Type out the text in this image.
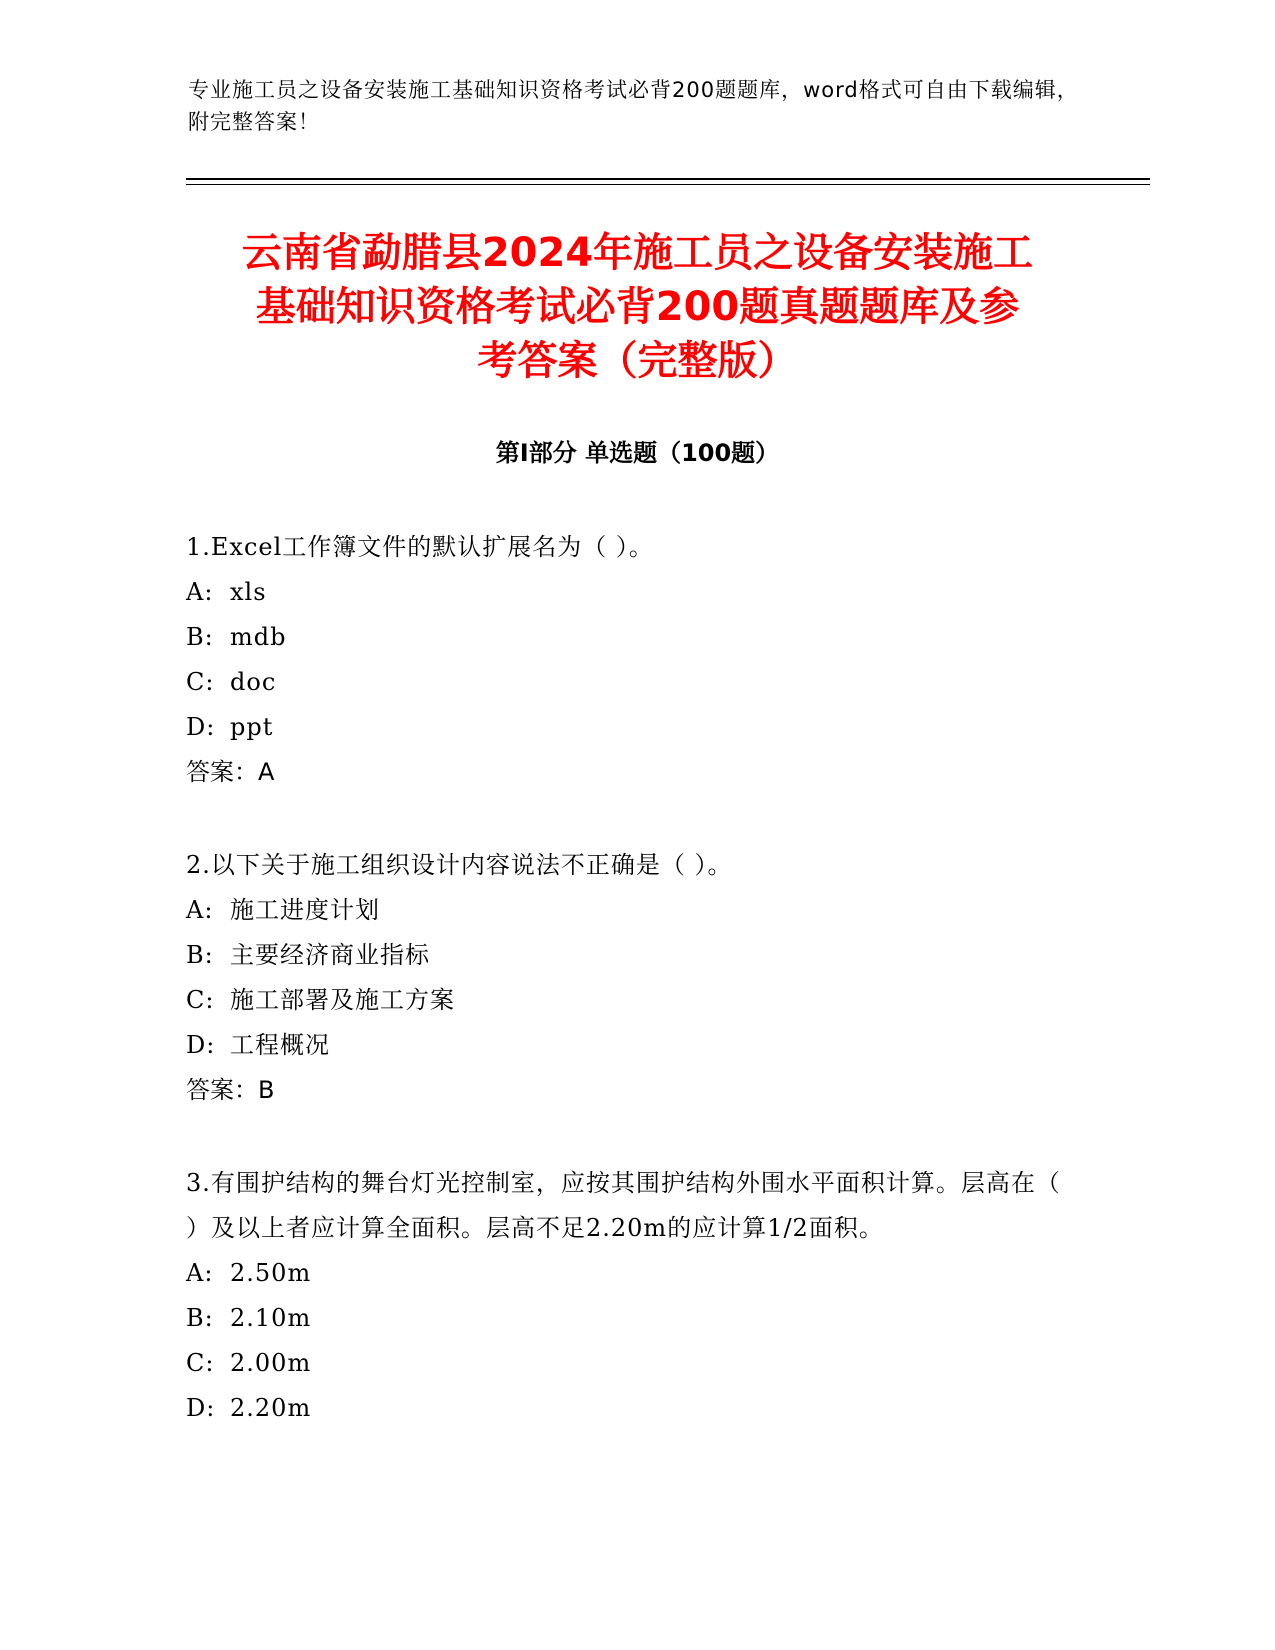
专业施工员之设备安装施工基础知识资格考试必背200题题库，word格式可自由下载编辑，附完整答案！
云南省勐腊县2024年施工员之设备安装施工
基础知识资格考试必背200题真题题库及参
考答案（完整版）
第Ⅰ部分 单选题（100题）
1.Excel工作簿文件的默认扩展名为（ ）。
A: xls
B: mdb
C: doc
D: ppt
答案：A
2.以下关于施工组织设计内容说法不正确是（ ）。
A: 施工进度计划
B: 主要经济商业指标
C: 施工部署及施工方案
D: 工程概况
答案：B
3.有围护结构的舞台灯光控制室，应按其围护结构外围水平面积计算。层高在（ ）及以上者应计算全面积。层高不足2.20m的应计算1/2面积。
A: 2.50m
B: 2.10m
C: 2.00m
D: 2.20m
